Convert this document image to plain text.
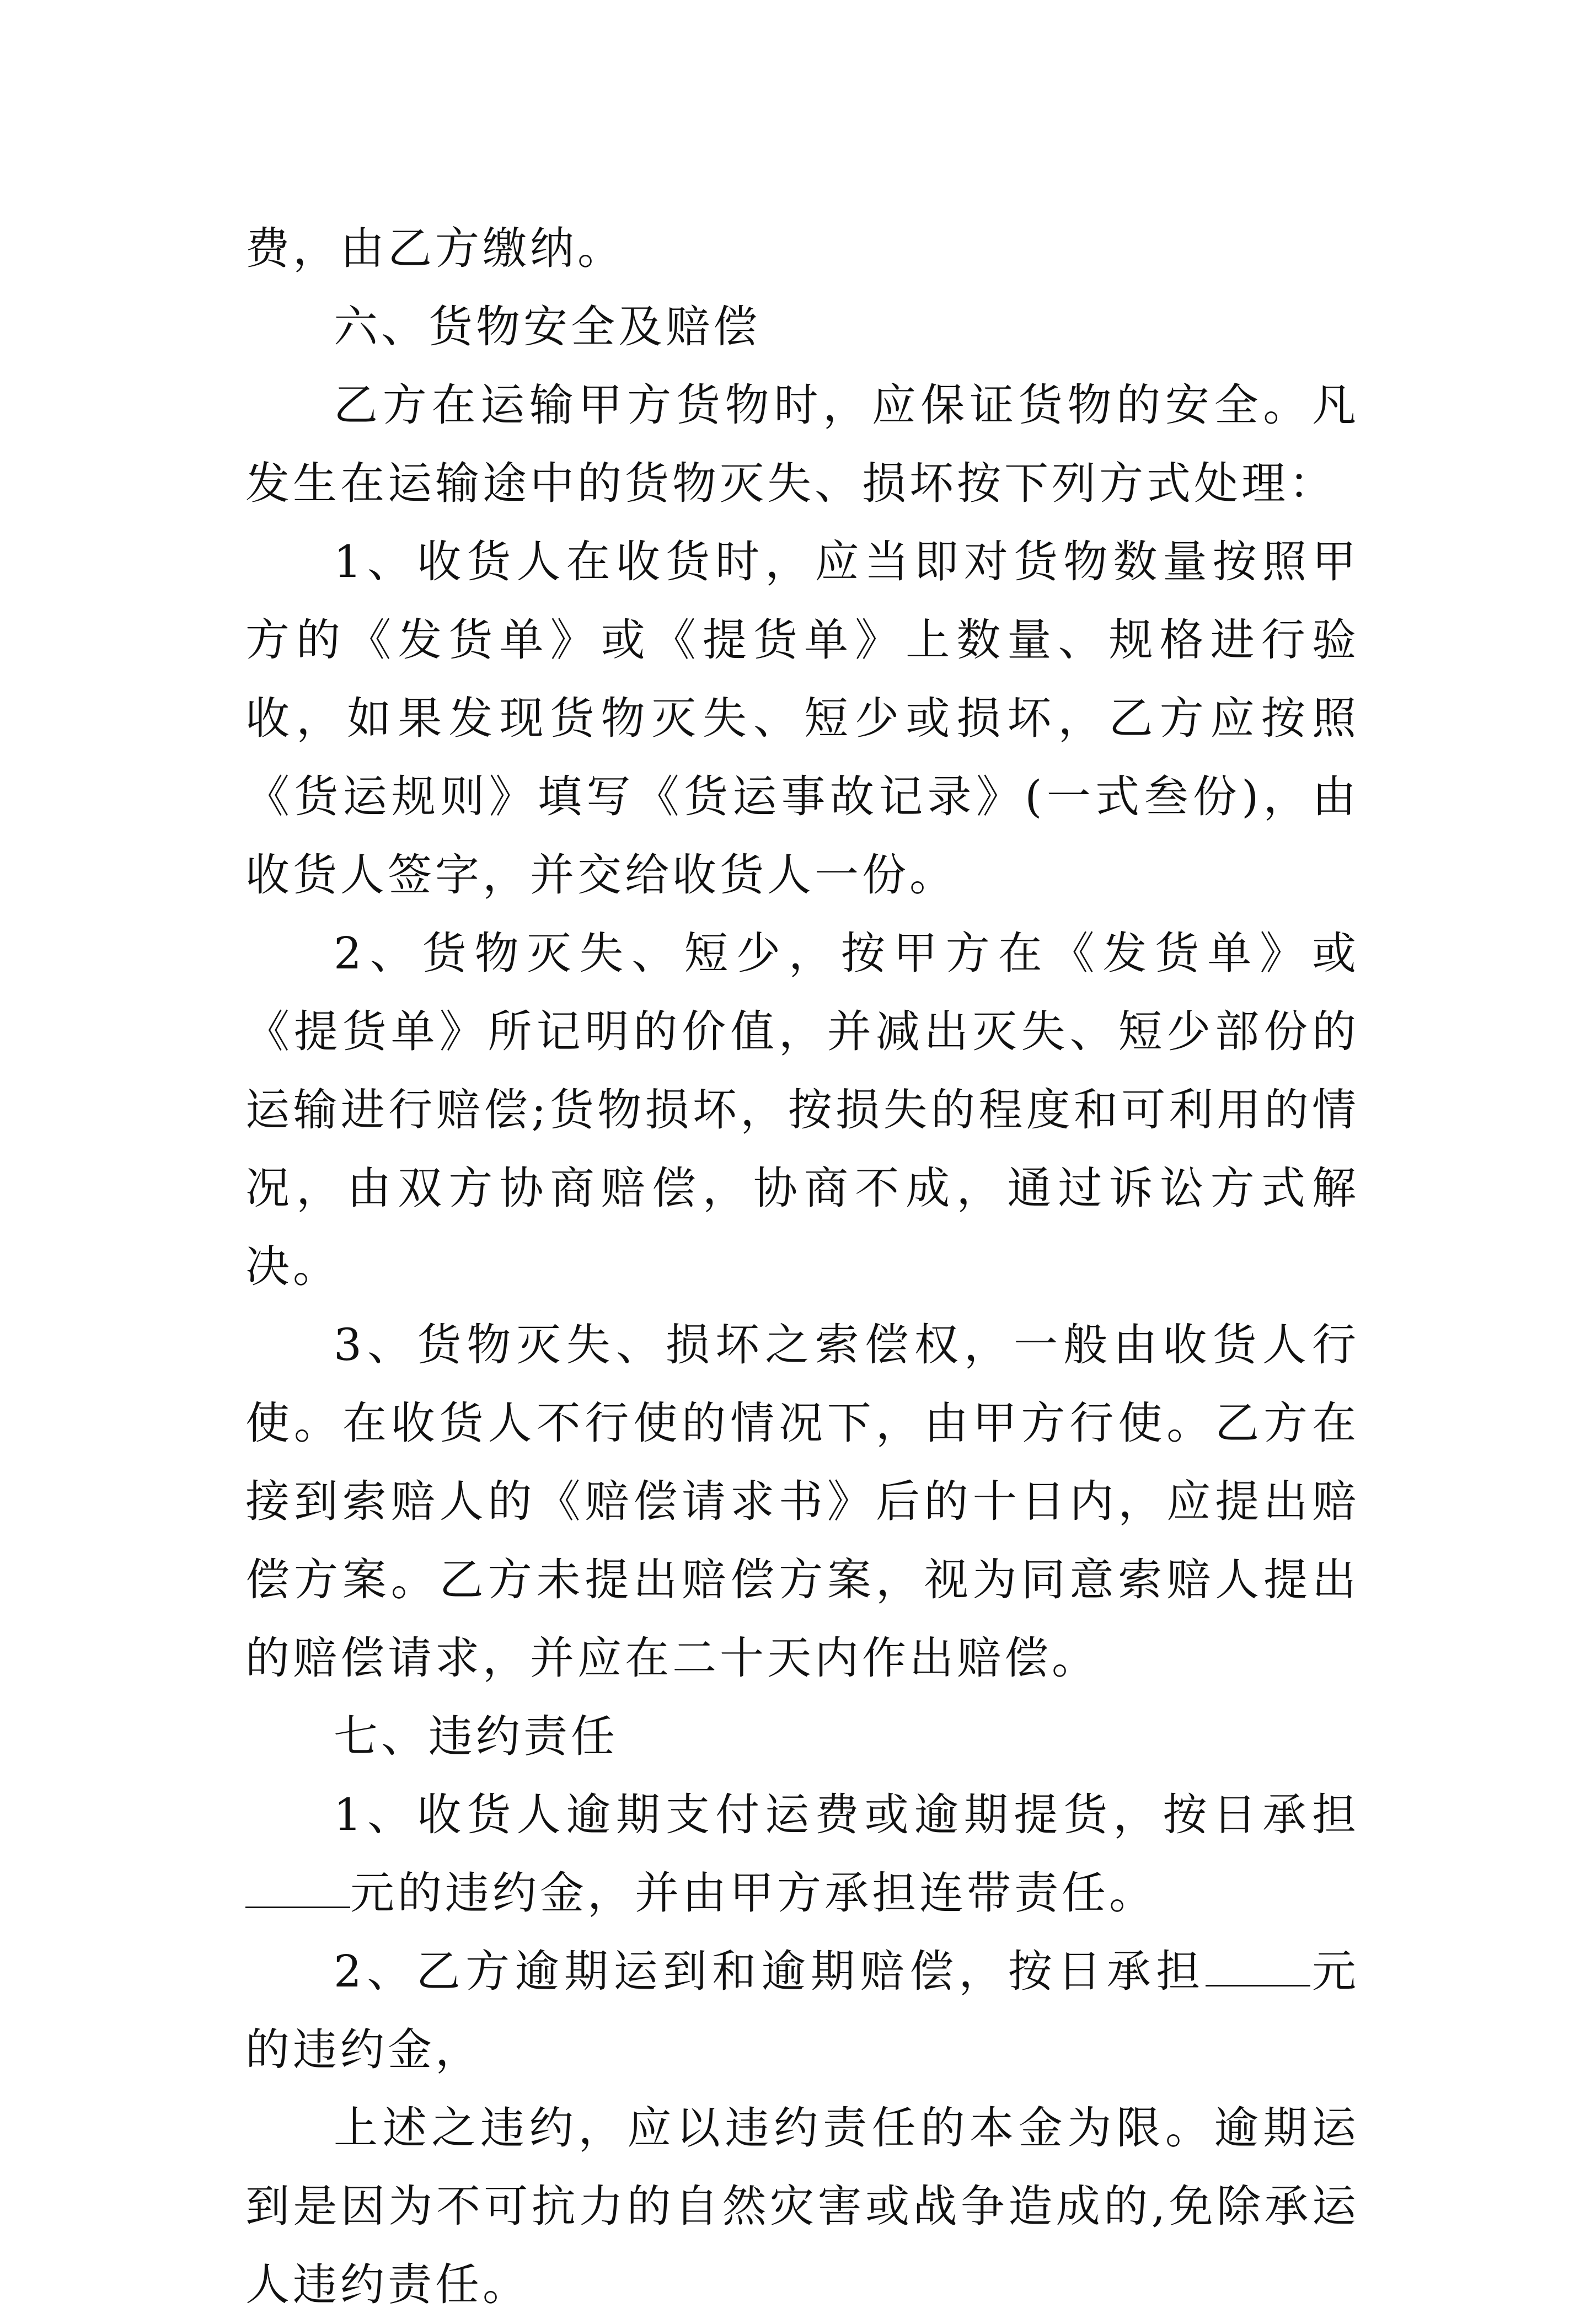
费，由乙方缴纳。

六、货物安全及赔偿

乙方在运输甲方货物时，应保证货物的安全。凡发生在运输途中的货物灭失、损坏按下列方式处理：

1、收货人在收货时，应当即对货物数量按照甲方的《发货单》或《提货单》上数量、规格进行验收，如果发现货物灭失、短少或损坏，乙方应按照《货运规则》填写《货运事故记录》(一式叁份)，由收货人签字，并交给收货人一份。

2、货物灭失、短少，按甲方在《发货单》或《提货单》所记明的价值，并减出灭失、短少部份的运输进行赔偿;货物损坏，按损失的程度和可利用的情况，由双方协商赔偿，协商不成，通过诉讼方式解决。

3、货物灭失、损坏之索偿权，一般由收货人行使。在收货人不行使的情况下，由甲方行使。乙方在接到索赔人的《赔偿请求书》后的十日内，应提出赔偿方案。乙方未提出赔偿方案，视为同意索赔人提出的赔偿请求，并应在二十天内作出赔偿。

七、违约责任

1、收货人逾期支付运费或逾期提货，按日承担元的违约金，并由甲方承担连带责任。

2、乙方逾期运到和逾期赔偿，按日承担 元的违约金，

上述之违约，应以违约责任的本金为限。逾期运到是因为不可抗力的自然灾害或战争造成的,免除承运人违约责任。
